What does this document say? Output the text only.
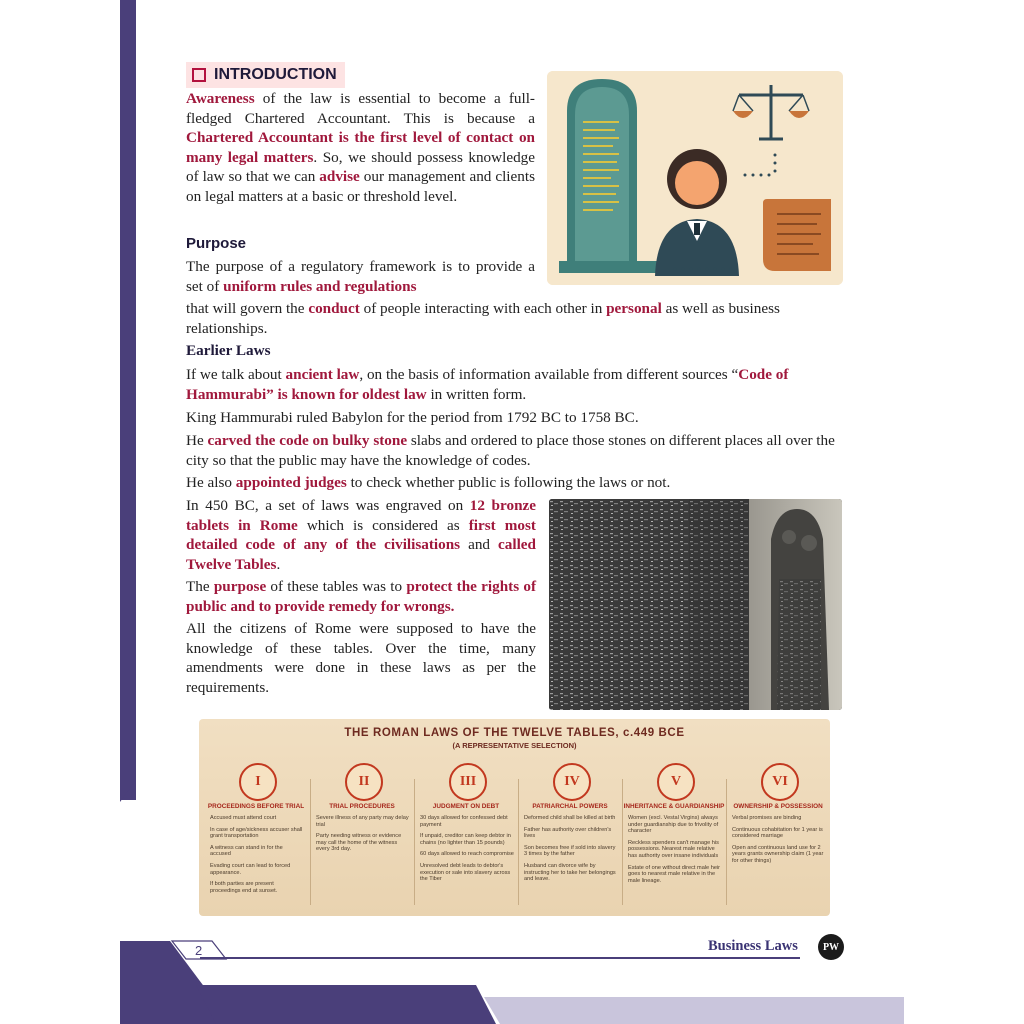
INTRODUCTION

Awareness of the law is essential to become a full-fledged Chartered Accountant. This is because a Chartered Accountant is the first level of contact on many legal matters. So, we should possess knowledge of law so that we can advise our management and clients on legal matters at a basic or threshold level.

Purpose

The purpose of a regulatory framework is to provide a set of uniform rules and regulations

that will govern the conduct of people interacting with each other in personal as well as business relationships.

Earlier Laws

If we talk about ancient law, on the basis of information available from different sources “Code of Hammurabi” is known for oldest law in written form.

King Hammurabi ruled Babylon for the period from 1792 BC to 1758 BC.

He carved the code on bulky stone slabs and ordered to place those stones on different places all over the city so that the public may have the knowledge of codes.

He also appointed judges to check whether public is following the laws or not.

In 450 BC, a set of laws was engraved on 12 bronze tablets in Rome which is considered as first most detailed code of any of the civilisations and called Twelve Tables.

The purpose of these tables was to protect the rights of public and to provide remedy for wrongs.

All the citizens of Rome were supposed to have the knowledge of these tables. Over the time, many amendments were done in these laws as per the requirements.

THE ROMAN LAWS OF THE TWELVE TABLES, c.449 BCE
(A REPRESENTATIVE SELECTION)
I
PROCEEDINGS BEFORE TRIAL
Accused must attend court
In case of age/sickness accuser shall grant transportation
A witness can stand in for the accused
Evading court can lead to forced appearance.
If both parties are present proceedings end at sunset.
II
TRIAL PROCEDURES
Severe illness of any party may delay trial
Party needing witness or evidence may call the home of the witness every 3rd day.
III
JUDGMENT ON DEBT
30 days allowed for confessed debt payment
If unpaid, creditor can keep debtor in chains (no lighter than 15 pounds)
60 days allowed to reach compromise
Unresolved debt leads to debtor's execution or sale into slavery across the Tiber
IV
PATRIARCHAL POWERS
Deformed child shall be killed at birth
Father has authority over children's lives
Son becomes free if sold into slavery 3 times by the father
Husband can divorce wife by instructing her to take her belongings and leave.
V
INHERITANCE & GUARDIANSHIP
Women (excl. Vestal Virgins) always under guardianship due to frivolity of character
Reckless spenders can't manage his possessions. Nearest male relative has authority over insane individuals
Estate of one without direct male heir goes to nearest male relative in the male lineage.
VI
OWNERSHIP & POSSESSION
Verbal promises are binding
Continuous cohabitation for 1 year is considered marriage
Open and continuous land use for 2 years grants ownership claim (1 year for other things)
2	Business Laws	PW
